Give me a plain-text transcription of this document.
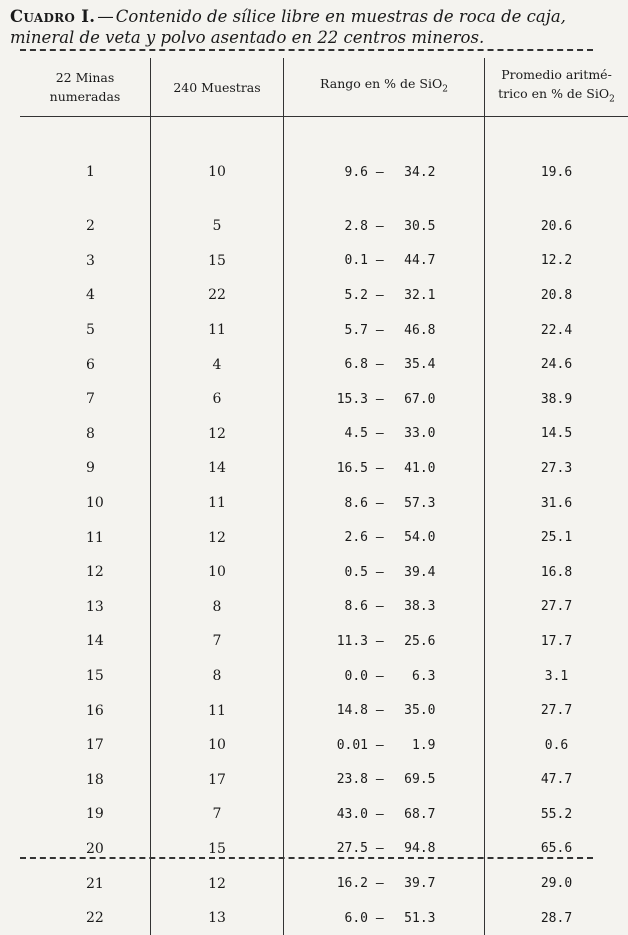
Cuadro I. — Contenido de sílice libre en muestras de roca de caja, mineral de veta y polvo asentado en 22 centros mineros.
22 Minas numeradas	240 Muestras	Rango en % de SiO$_2$	Promedio aritmé-trico en % de SiO$_2$
1	10	9.6 – 34.2	19.6
2	5	2.8 – 30.5	20.6
3	15	0.1 – 44.7	12.2
4	22	5.2 – 32.1	20.8
5	11	5.7 – 46.8	22.4
6	4	6.8 – 35.4	24.6
7	6	15.3 – 67.0	38.9
8	12	4.5 – 33.0	14.5
9	14	16.5 – 41.0	27.3
10	11	8.6 – 57.3	31.6
11	12	2.6 – 54.0	25.1
12	10	0.5 – 39.4	16.8
13	8	8.6 – 38.3	27.7
14	7	11.3 – 25.6	17.7
15	8	0.0 – 6.3	3.1
16	11	14.8 – 35.0	27.7
17	10	0.01 – 1.9	0.6
18	17	23.8 – 69.5	47.7
19	7	43.0 – 68.7	55.2
20	15	27.5 – 94.8	65.6
21	12	16.2 – 39.7	29.0
22	13	6.0 – 51.3	28.7
